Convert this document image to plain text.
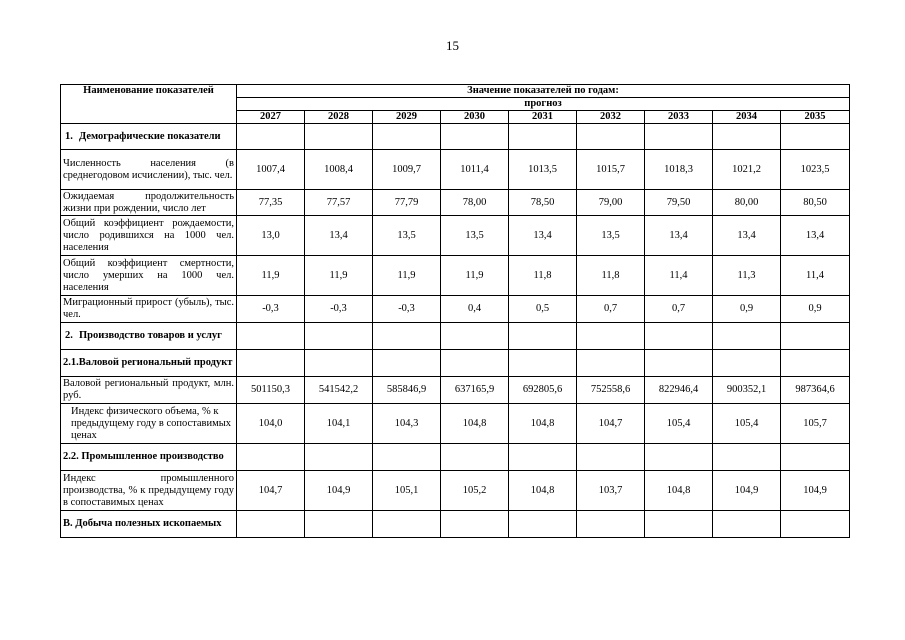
15
Наименование показателей	Значение показателей по годам:								
	прогноз								
	2027	2028	2029	2030	2031	2032	2033	2034	2035
1. Демографические показатели									
Численность населения (в среднегодовом исчислении), тыс. чел.	1007,4	1008,4	1009,7	1011,4	1013,5	1015,7	1018,3	1021,2	1023,5
Ожидаемая продолжительность жизни при рождении, число лет	77,35	77,57	77,79	78,00	78,50	79,00	79,50	80,00	80,50
Общий коэффициент рождаемости, число родившихся на 1000 чел. населения	13,0	13,4	13,5	13,5	13,4	13,5	13,4	13,4	13,4
Общий коэффициент смертности, число умерших на 1000 чел. населения	11,9	11,9	11,9	11,9	11,8	11,8	11,4	11,3	11,4
Миграционный прирост (убыль), тыс. чел.	-0,3	-0,3	-0,3	0,4	0,5	0,7	0,7	0,9	0,9
2. Производство товаров и услуг									
2.1.Валовой региональный продукт									
Валовой региональный продукт, млн. руб.	501150,3	541542,2	585846,9	637165,9	692805,6	752558,6	822946,4	900352,1	987364,6
Индекс физического объема, % к предыдущему году в сопоставимых ценах	104,0	104,1	104,3	104,8	104,8	104,7	105,4	105,4	105,7
2.2. Промышленное производство									
Индекс промышленного производства, % к предыдущему году в сопоставимых ценах	104,7	104,9	105,1	105,2	104,8	103,7	104,8	104,9	104,9
В. Добыча полезных ископаемых									
